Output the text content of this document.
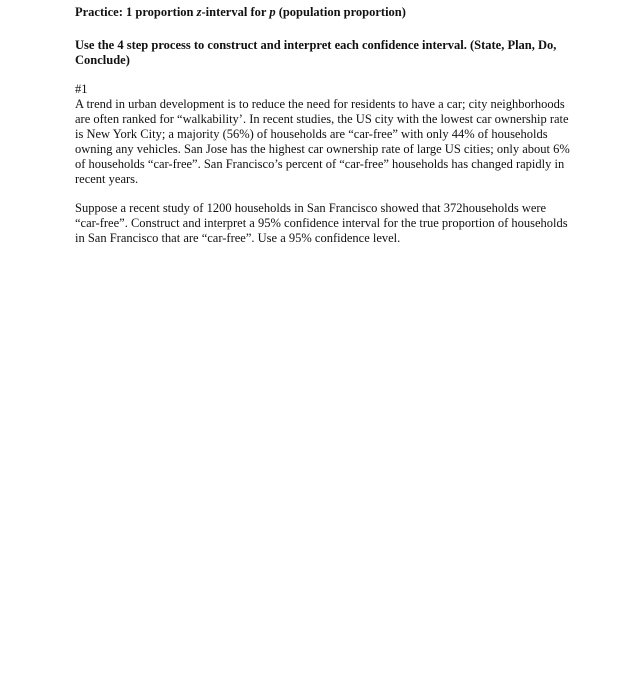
Practice: 1 proportion z-interval for p (population proportion)

Use the 4 step process to construct and interpret each confidence interval. (State, Plan, Do, Conclude)

#1

A trend in urban development is to reduce the need for residents to have a car; city neighborhoods are often ranked for “walkability’. In recent studies, the US city with the lowest car ownership rate is New York City; a majority (56%) of households are “car-free” with only 44% of households owning any vehicles. San Jose has the highest car ownership rate of large US cities; only about 6% of households “car-free”. San Francisco’s percent of “car-free” households has changed rapidly in recent years.

Suppose a recent study of 1200 households in San Francisco showed that 372households were “car-free”. Construct and interpret a 95% confidence interval for the true proportion of households in San Francisco that are “car-free”. Use a 95% confidence level.
